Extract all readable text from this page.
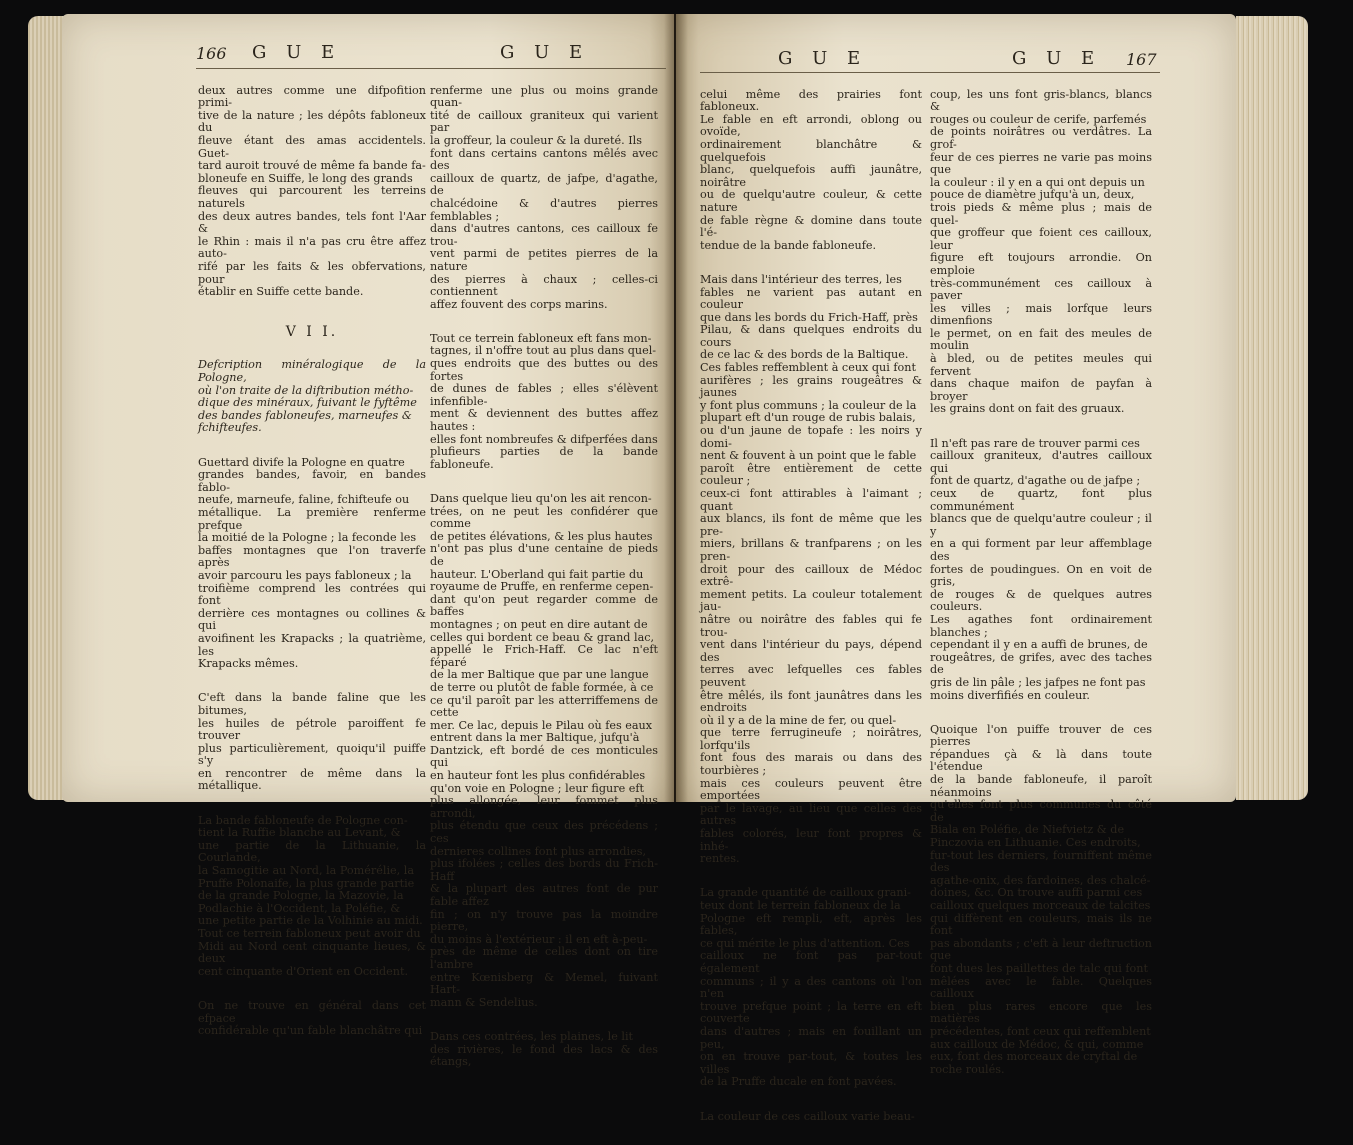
166 G U E	G U E

deux autres comme une difpofition primi-
tive de la nature ; les dépôts fabloneux du
fleuve étant des amas accidentels. Guet-
tard auroit trouvé de même fa bande fa-
bloneufe en Suiffe, le long des grands
fleuves qui parcourent les terreins naturels
des deux autres bandes, tels font l'Aar &
le Rhin : mais il n'a pas cru être affez auto-
rifé par les faits & les obfervations, pour
établir en Suiffe cette bande.

V I I.

Defcription minéralogique de la Pologne,
où l'on traite de la diftribution métho-
dique des minéraux, fuivant le fyftême
des bandes fabloneufes, marneufes &
fchifteufes.

Guettard divife la Pologne en quatre
grandes bandes, favoir, en bandes fablo-
neufe, marneufe, faline, fchifteufe ou
métallique. La première renferme prefque
la moitié de la Pologne ; la feconde les
baffes montagnes que l'on traverfe après
avoir parcouru les pays fabloneux ; la
troifième comprend les contrées qui font
derrière ces montagnes ou collines & qui
avoifinent les Krapacks ; la quatrième, les
Krapacks mêmes.

C'eft dans la bande faline que les bitumes,
les huiles de pétrole paroiffent fe trouver
plus particulièrement, quoiqu'il puiffe s'y
en rencontrer de même dans la métallique.

La bande fabloneufe de Pologne con-
tient la Ruffie blanche au Levant, &
une partie de la Lithuanie, la Courlande,
la Samogitie au Nord, la Pomérélie, la
Pruffe Polonaife, la plus grande partie
de la grande Pologne, la Mazovie, la
Podlachie à l'Occident, la Poléfie, &
une petite partie de la Volhinie au midi.
Tout ce terrein fabloneux peut avoir du
Midi au Nord cent cinquante lieues, & deux
cent cinquante d'Orient en Occident.

On ne trouve en général dans cet efpace
confidérable qu'un fable blanchâtre qui

renferme une plus ou moins grande quan-
tité de cailloux graniteux qui varient par
la groffeur, la couleur & la dureté. Ils
font dans certains cantons mêlés avec des
cailloux de quartz, de jafpe, d'agathe, de
chalcédoine & d'autres pierres femblables ;
dans d'autres cantons, ces cailloux fe trou-
vent parmi de petites pierres de la nature
des pierres à chaux ; celles-ci contiennent
affez fouvent des corps marins.

Tout ce terrein fabloneux eft fans mon-
tagnes, il n'offre tout au plus dans quel-
ques endroits que des buttes ou des fortes
de dunes de fables ; elles s'élèvent infenfible-
ment & deviennent des buttes affez hautes :
elles font nombreufes & difperfées dans
plufieurs parties de la bande fabloneufe.

Dans quelque lieu qu'on les ait rencon-
trées, on ne peut les confidérer que comme
de petites élévations, & les plus hautes
n'ont pas plus d'une centaine de pieds de
hauteur. L'Oberland qui fait partie du
royaume de Pruffe, en renferme cepen-
dant qu'on peut regarder comme de baffes
montagnes ; on peut en dire autant de
celles qui bordent ce beau & grand lac,
appellé le Frich-Haff. Ce lac n'eft féparé
de la mer Baltique que par une langue
de terre ou plutôt de fable formée, à ce
ce qu'il paroît par les atterriffemens de cette
mer. Ce lac, depuis le Pilau où fes eaux
entrent dans la mer Baltique, jufqu'à
Dantzick, eft bordé de ces monticules qui
en hauteur font les plus confidérables
qu'on voie en Pologne ; leur figure eft
plus allongée, leur fommet plus arrondi,
plus étendu que ceux des précédens ; ces
dernieres collines font plus arrondies,
plus ifolées ; celles des bords du Frich-Haff
& la plupart des autres font de pur fable affez
fin ; on n'y trouve pas la moindre pierre,
du moins à l'extérieur : il en eft à-peu-
près de même de celles dont on tire l'ambre
entre Kœnisberg & Memel, fuivant Hart-
mann & Sendelius.

Dans ces contrées, les plaines, le lit
des rivières, le fond des lacs & des étangs,

G U E	G U E 167

celui même des prairies font fabloneux.
Le fable en eft arrondi, oblong ou ovoïde,
ordinairement blanchâtre & quelquefois
blanc, quelquefois auffi jaunâtre, noirâtre
ou de quelqu'autre couleur, & cette nature
de fable règne & domine dans toute l'é-
tendue de la bande fabloneufe.

Mais dans l'intérieur des terres, les
fables ne varient pas autant en couleur
que dans les bords du Frich-Haff, près
Pilau, & dans quelques endroits du cours
de ce lac & des bords de la Baltique.
Ces fables reffemblent à ceux qui font
aurifères ; les grains rougeâtres & jaunes
y font plus communs ; la couleur de la
plupart eft d'un rouge de rubis balais,
ou d'un jaune de topafe : les noirs y domi-
nent & fouvent à un point que le fable
paroît être entièrement de cette couleur ;
ceux-ci font attirables à l'aimant ; quant
aux blancs, ils font de même que les pre-
miers, brillans & tranfparens ; on les pren-
droit pour des cailloux de Médoc extrê-
mement petits. La couleur totalement jau-
nâtre ou noirâtre des fables qui fe trou-
vent dans l'intérieur du pays, dépend des
terres avec lefquelles ces fables peuvent
être mêlés, ils font jaunâtres dans les endroits
où il y a de la mine de fer, ou quel-
que terre ferrugineufe ; noirâtres, lorfqu'ils
font fous des marais ou dans des tourbières ;
mais ces couleurs peuvent être emportées
par le lavage, au lieu que celles des autres
fables colorés, leur font propres & inhé-
rentes.

La grande quantité de cailloux grani-
teux dont le terrein fabloneux de la
Pologne eft rempli, eft, après les fables,
ce qui mérite le plus d'attention. Ces
cailloux ne font pas par-tout également
communs ; il y a des cantons où l'on n'en
trouve prefque point ; la terre en eft couverte
dans d'autres ; mais en fouillant un peu,
on en trouve par-tout, & toutes les villes
de la Pruffe ducale en font pavées.

La couleur de ces cailloux varie beau-

coup, les uns font gris-blancs, blancs &
rouges ou couleur de cerife, parfemés
de points noirâtres ou verdâtres. La grof-
feur de ces pierres ne varie pas moins que
la couleur : il y en a qui ont depuis un
pouce de diamètre jufqu'à un, deux,
trois pieds & même plus ; mais de quel-
que groffeur que foient ces cailloux, leur
figure eft toujours arrondie. On emploie
très-communément ces cailloux à paver
les villes ; mais lorfque leurs dimenfions
le permet, on en fait des meules de moulin
à bled, ou de petites meules qui fervent
dans chaque maifon de payfan à broyer
les grains dont on fait des gruaux.

Il n'eft pas rare de trouver parmi ces
cailloux graniteux, d'autres cailloux qui
font de quartz, d'agathe ou de jafpe ;
ceux de quartz, font plus communément
blancs que de quelqu'autre couleur ; il y
en a qui forment par leur affemblage des
fortes de poudingues. On en voit de gris,
de rouges & de quelques autres couleurs.
Les agathes font ordinairement blanches ;
cependant il y en a auffi de brunes, de
rougeâtres, de grifes, avec des taches de
gris de lin pâle ; les jafpes ne font pas
moins diverfifiés en couleur.

Quoique l'on puiffe trouver de ces pierres
répandues çà & là dans toute l'étendue
de la bande fabloneufe, il paroît néanmoins
qu'elles font plus communes du côté de
Biala en Poléfie, de Niefvietz & de
Pinczovia en Lithuanie. Ces endroits,
fur-tout les derniers, fourniffent même des
agathe-onix, des fardoines, des chalcé-
doines, &c. On trouve auffi parmi ces
cailloux quelques morceaux de talcites
qui diffèrent en couleurs, mais ils ne font
pas abondants ; c'eft à leur deftruction que
font dues les paillettes de talc qui font
mêlées avec le fable. Quelques cailloux
bien plus rares encore que les matières
précédentes, font ceux qui reffemblent
aux cailloux de Médoc, & qui, comme
eux, font des morceaux de cryftal de
roche roulés.
